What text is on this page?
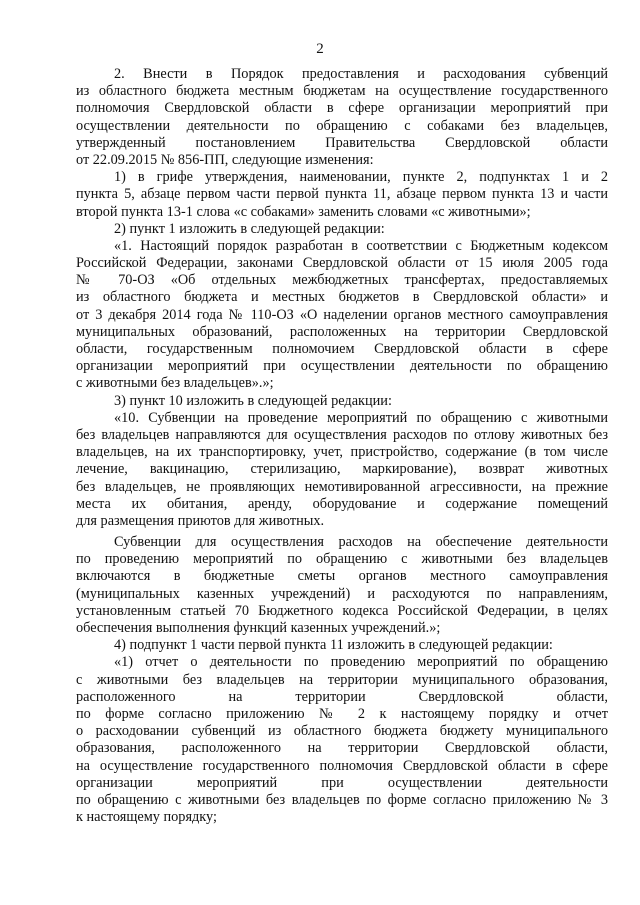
2
2. Внести в Порядок предоставления и расходования субвенций
из областного бюджета местным бюджетам на осуществление государственного
полномочия Свердловской области в сфере организации мероприятий при
осуществлении деятельности по обращению с собаками без владельцев,
утвержденный постановлением Правительства Свердловской области
от 22.09.2015 № 856-ПП, следующие изменения:
1) в грифе утверждения, наименовании, пункте 2, подпунктах 1 и 2
пункта 5, абзаце первом части первой пункта 11, абзаце первом пункта 13 и части
второй пункта 13-1 слова «с собаками» заменить словами «с животными»;
2) пункт 1 изложить в следующей редакции:
«1. Настоящий порядок разработан в соответствии с Бюджетным кодексом
Российской Федерации, законами Свердловской области от 15 июля 2005 года
№ 70-ОЗ «Об отдельных межбюджетных трансфертах, предоставляемых
из областного бюджета и местных бюджетов в Свердловской области» и
от 3 декабря 2014 года № 110-ОЗ «О наделении органов местного самоуправления
муниципальных образований, расположенных на территории Свердловской
области, государственным полномочием Свердловской области в сфере
организации мероприятий при осуществлении деятельности по обращению
с животными без владельцев».»;
3) пункт 10 изложить в следующей редакции:
«10. Субвенции на проведение мероприятий по обращению с животными
без владельцев направляются для осуществления расходов по отлову животных без
владельцев, на их транспортировку, учет, пристройство, содержание (в том числе
лечение, вакцинацию, стерилизацию, маркирование), возврат животных
без владельцев, не проявляющих немотивированной агрессивности, на прежние
места их обитания, аренду, оборудование и содержание помещений
для размещения приютов для животных.
Субвенции для осуществления расходов на обеспечение деятельности
по проведению мероприятий по обращению с животными без владельцев
включаются в бюджетные сметы органов местного самоуправления
(муниципальных казенных учреждений) и расходуются по направлениям,
установленным статьей 70 Бюджетного кодекса Российской Федерации, в целях
обеспечения выполнения функций казенных учреждений.»;
4) подпункт 1 части первой пункта 11 изложить в следующей редакции:
«1) отчет о деятельности по проведению мероприятий по обращению
с животными без владельцев на территории муниципального образования,
расположенного на территории Свердловской области,
по форме согласно приложению № 2 к настоящему порядку и отчет
о расходовании субвенций из областного бюджета бюджету муниципального
образования, расположенного на территории Свердловской области,
на осуществление государственного полномочия Свердловской области в сфере
организации мероприятий при осуществлении деятельности
по обращению с животными без владельцев по форме согласно приложению № 3
к настоящему порядку;
